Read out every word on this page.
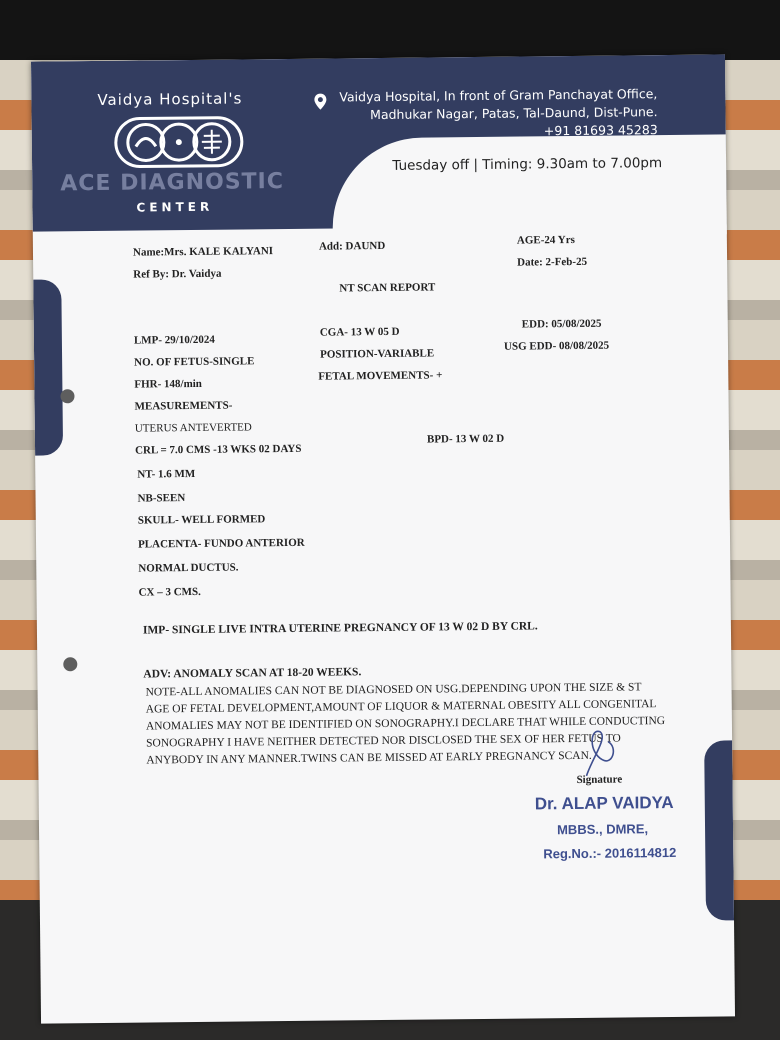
Vaidya Hospital's
ACE DIAGNOSTIC
CENTER
Vaidya Hospital, In front of Gram Panchayat Office,
Madhukar Nagar, Patas, Tal-Daund, Dist-Pune.
+91 81693 45283
Tuesday off | Timing: 9.30am to 7.00pm
Name:Mrs. KALE KALYANI	Add: DAUND	AGE-24 Yrs
Ref By: Dr. Vaidya
Date: 2-Feb-25
NT SCAN REPORT
LMP- 29/10/2024
CGA- 13 W 05 D
EDD: 05/08/2025
NO. OF FETUS-SINGLE
POSITION-VARIABLE
USG EDD- 08/08/2025
FHR- 148/min
FETAL MOVEMENTS- +
MEASUREMENTS-
UTERUS ANTEVERTED
CRL = 7.0 CMS -13 WKS 02 DAYS
BPD- 13 W 02 D
NT- 1.6 MM
NB-SEEN
SKULL- WELL FORMED
PLACENTA- FUNDO ANTERIOR
NORMAL DUCTUS.
CX – 3 CMS.
IMP- SINGLE LIVE INTRA UTERINE PREGNANCY OF 13 W 02 D BY CRL.
ADV: ANOMALY SCAN AT 18-20 WEEKS.
NOTE-ALL ANOMALIES CAN NOT BE DIAGNOSED ON USG.DEPENDING UPON THE SIZE & ST AGE OF FETAL DEVELOPMENT,AMOUNT OF LIQUOR & MATERNAL OBESITY ALL CONGENITAL ANOMALIES MAY NOT BE IDENTIFIED ON SONOGRAPHY.I DECLARE THAT WHILE CONDUCTING SONOGRAPHY I HAVE NEITHER DETECTED NOR DISCLOSED THE SEX OF HER FETUS TO ANYBODY IN ANY MANNER.TWINS CAN BE MISSED AT EARLY PREGNANCY SCAN.
Signature
Dr. ALAP VAIDYA
MBBS., DMRE,
Reg.No.:- 2016114812
